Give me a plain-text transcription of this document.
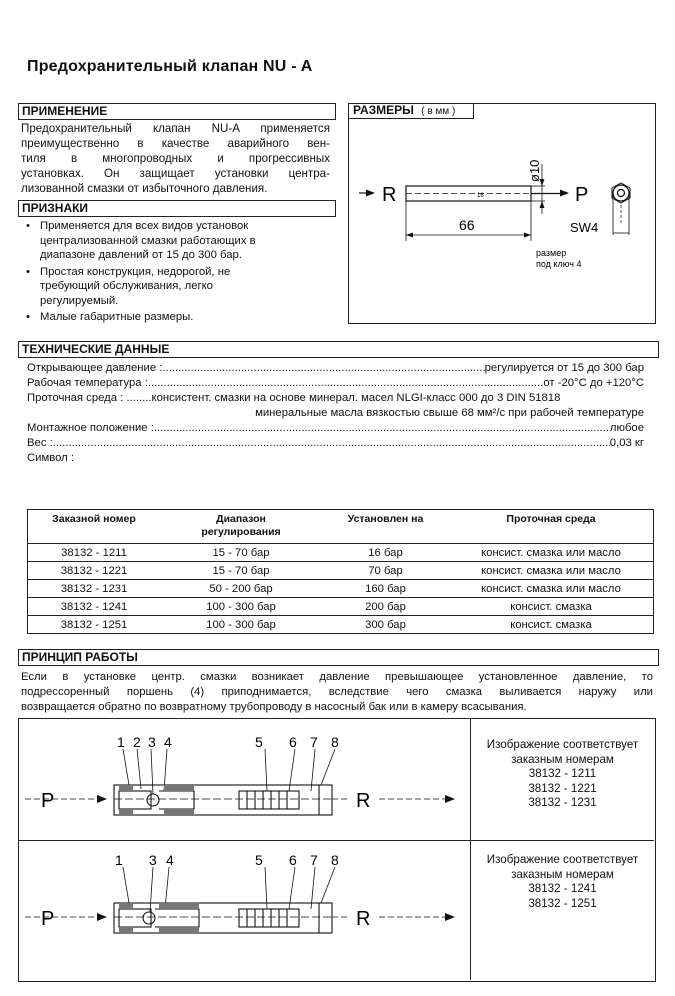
Предохранительный клапан NU - A
ПРИМЕНЕНИЕ
Предохранительный клапан NU-A применяется
преимущественно в качестве аварийного вен-
тиля в многопроводных и прогрессивных
установках. Он защищает установки центра-
лизованной смазки от избыточного давления.
ПРИЗНАКИ
• Применяется для всех видов установок
централизованной смазки работающих в
диапазоне давлений от 15 до 300 бар.
• Простая конструкция, недорогой, не
требующий обслуживания, легко
регулируемый.
• Малые габаритные размеры.
РАЗМЕРЫ ( в мм )
R	P
16
66
ø10
SW4
размер
под ключ 4
ТЕХНИЧЕСКИЕ ДАННЫЕ
Открывающее давление : .....	регулируется от 15 до 300 бар
Рабочая температура : .....	от -20°С до +120°С
Проточная среда : ........консистент. смазки на основе минерал. масел NLGI-класс 000 до 3 DIN 51818
минеральные масла вязкостью свыше 68 мм²/с при рабочей температуре
Монтажное положение : .....	любое
Вес : .....	0,03 кг
Символ :
Заказной номер	Диапазон регулирования	Установлен на	Проточная среда
38132 - 1211	15 - 70 бар	16 бар	консист. смазка или масло
38132 - 1221	15 - 70 бар	70 бар	консист. смазка или масло
38132 - 1231	50 - 200 бар	160 бар	консист. смазка или масло
38132 - 1241	100 - 300 бар	200 бар	консист. смазка
38132 - 1251	100 - 300 бар	300 бар	консист. смазка
ПРИНЦИП РАБОТЫ
Если в установке центр. смазки возникает давление превышающее установленное давление, то
подрессоренный поршень (4) приподнимается, вследствие чего смазка выливается наружу или
возвращается обратно по возвратному трубопроводу в насосный бак или в камеру всасывания.
P	R
1 2 3 4	5 6 7 8	Изображение соответствует
заказным номерам
38132 - 1211
38132 - 1221
38132 - 1231
P	R
1 3 4	5 6 7 8	Изображение соответствует
заказным номерам
38132 - 1241
38132 - 1251
